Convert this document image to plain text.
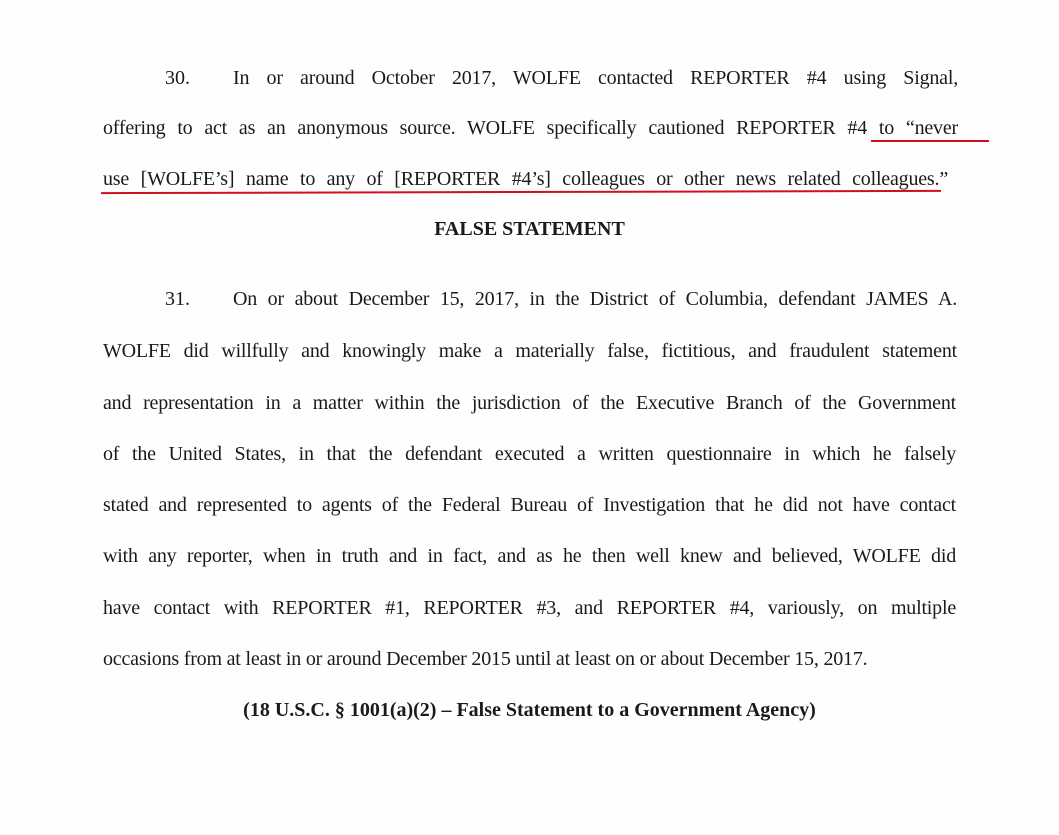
30. In or around October 2017, WOLFE contacted REPORTER #4 using Signal,
offering to act as an anonymous source. WOLFE specifically cautioned REPORTER #4 to “never
use [WOLFE’s] name to any of [REPORTER #4’s] colleagues or other news related colleagues.”
FALSE STATEMENT
31. On or about December 15, 2017, in the District of Columbia, defendant JAMES A.
WOLFE did willfully and knowingly make a materially false, fictitious, and fraudulent statement
and representation in a matter within the jurisdiction of the Executive Branch of the Government
of the United States, in that the defendant executed a written questionnaire in which he falsely
stated and represented to agents of the Federal Bureau of Investigation that he did not have contact
with any reporter, when in truth and in fact, and as he then well knew and believed, WOLFE did
have contact with REPORTER #1, REPORTER #3, and REPORTER #4, variously, on multiple
occasions from at least in or around December 2015 until at least on or about December 15, 2017.
(18 U.S.C. § 1001(a)(2) – False Statement to a Government Agency)
